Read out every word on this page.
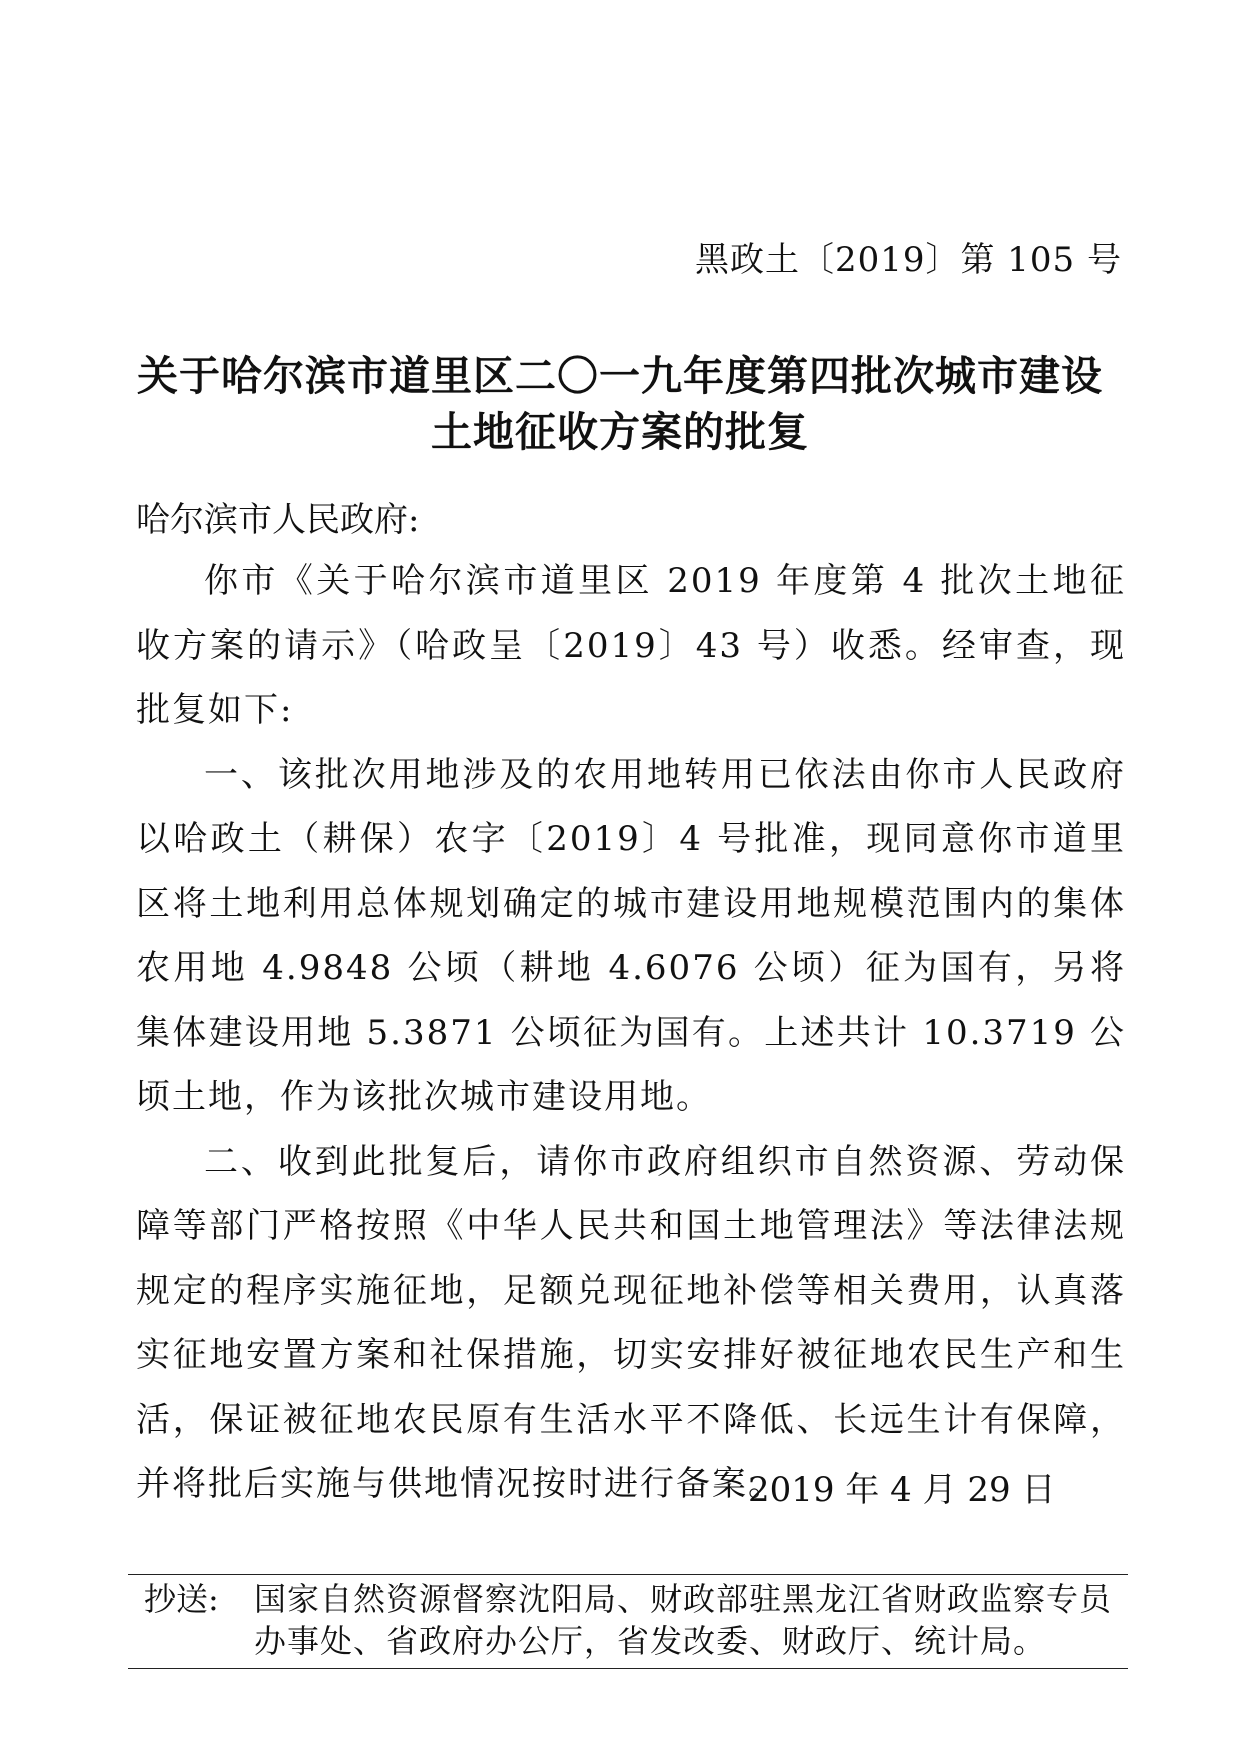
黑政土〔2019〕第 105 号
关于哈尔滨市道里区二〇一九年度第四批次城市建设
土地征收方案的批复
哈尔滨市人民政府:

你市《关于哈尔滨市道里区 2019 年度第 4 批次土地征收方案的请示》（哈政呈〔2019〕43 号）收悉。经审查，现批复如下:

一、该批次用地涉及的农用地转用已依法由你市人民政府以哈政土（耕保）农字〔2019〕4 号批准，现同意你市道里区将土地利用总体规划确定的城市建设用地规模范围内的集体农用地 4.9848 公顷（耕地 4.6076 公顷）征为国有，另将集体建设用地 5.3871 公顷征为国有。上述共计 10.3719 公顷土地，作为该批次城市建设用地。

二、收到此批复后，请你市政府组织市自然资源、劳动保障等部门严格按照《中华人民共和国土地管理法》等法律法规规定的程序实施征地，足额兑现征地补偿等相关费用，认真落实征地安置方案和社保措施，切实安排好被征地农民生产和生活，保证被征地农民原有生活水平不降低、长远生计有保障，并将批后实施与供地情况按时进行备案。

2019 年 4 月 29 日
抄送:	国家自然资源督察沈阳局、财政部驻黑龙江省财政监察专员办事处、省政府办公厅，省发改委、财政厅、统计局。
